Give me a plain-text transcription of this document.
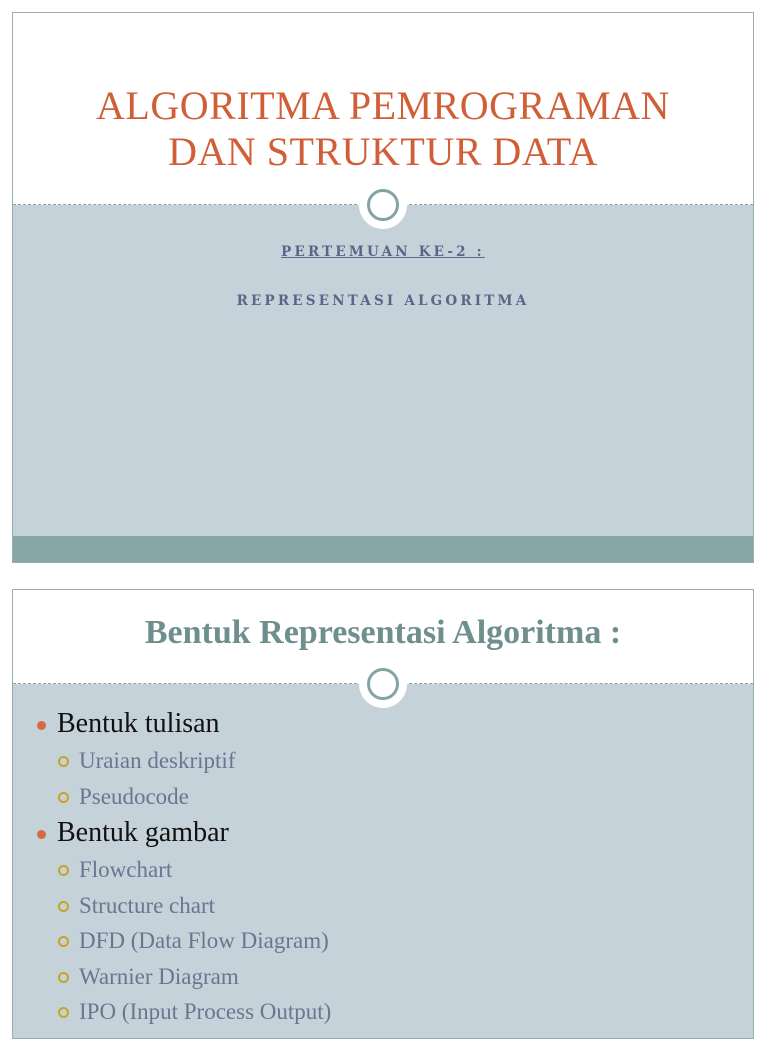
ALGORITMA PEMROGRAMAN
DAN STRUKTUR DATA
PERTEMUAN KE-2 :
REPRESENTASI ALGORITMA
Bentuk Representasi Algoritma :
Bentuk tulisan
Uraian deskriptif
Pseudocode
Bentuk gambar
Flowchart
Structure chart
DFD (Data Flow Diagram)
Warnier Diagram
IPO (Input Process Output)
